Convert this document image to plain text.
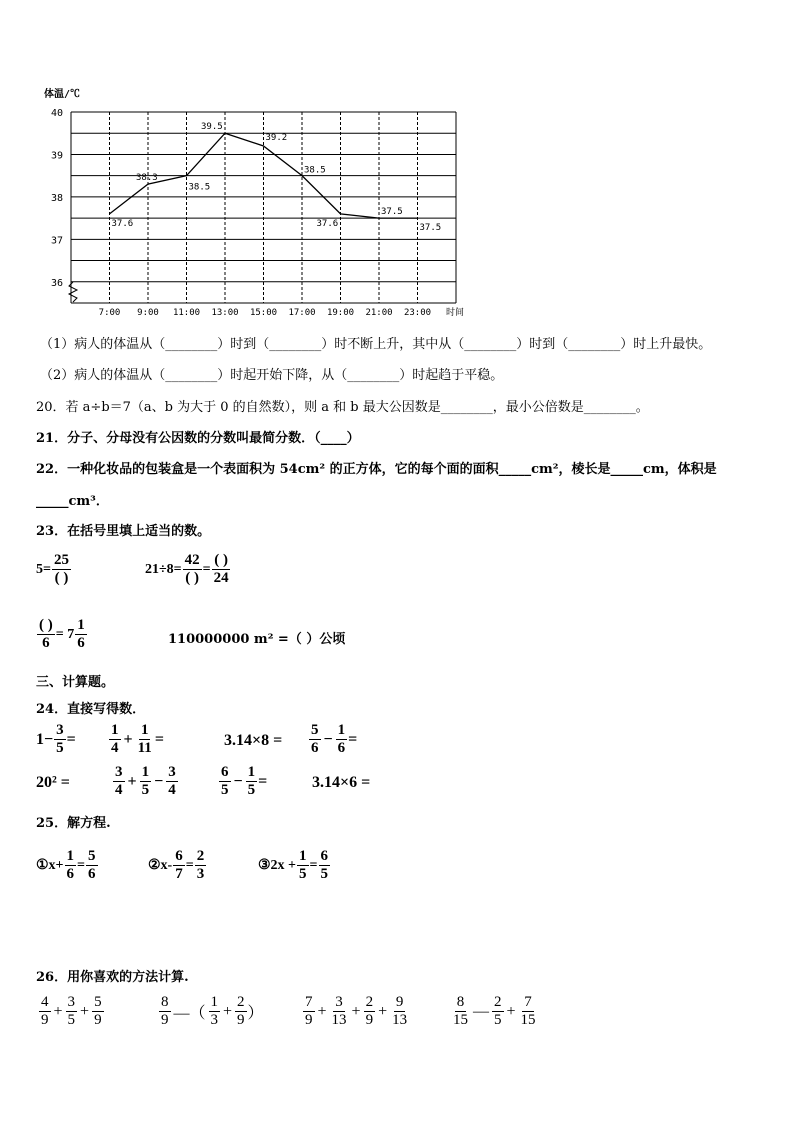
体温/℃
40
39
38
37
36
7:00 9:00 11:00 13:00 15:00 17:00 19:00 21:00 23:00
37.6
38.3
38.5
39.5
39.2
38.5
37.6
37.5
37.5
时间
（1）病人的体温从（________）时到（________）时不断上升，其中从（________）时到（________）时上升最快。
（2）病人的体温从（________）时起开始下降，从（________）时起趋于平稳。
20．若 a÷b＝7（a、b 为大于 0 的自然数），则 a 和 b 最大公因数是________，最小公倍数是________。
21．分子、分母没有公因数的分数叫最简分数．（____）
22．一种化妆品的包装盒是一个表面积为 54cm² 的正方体，它的每个面的面积_____cm²，棱长是_____cm，体积是
_____cm³．
23．在括号里填上适当的数。
$5= \frac{25}{( )}$	$21\div 8= \frac{42}{( )} = \frac{( )}{24}$
$\frac{( )}{6} = 7 \frac{1}{6}$	110000000 m² =（ ）公顷
三、计算题。
24．直接写得数．
$1- \frac{3}{5} = \frac{1}{4} + \frac{1}{11}$ =	$3.14\times 8 = \frac{5}{6} - \frac{1}{6}$ =
20² =	$\frac{3}{4} + \frac{1}{5} - \frac{3}{4}$	$\frac{6}{5} - \frac{1}{5}$ =	3.14×6 =
25．解方程.
①x+ $\frac{1}{6} = \frac{5}{6}$	②x- $\frac{6}{7} = \frac{2}{3}$	③2x + $\frac{1}{5} = \frac{6}{5}$
26．用你喜欢的方法计算.
$\frac{4}{9} + \frac{3}{5} + \frac{5}{9}$	$\frac{8}{9}$ —（ $\frac{1}{3} + \frac{2}{9}$ ）	$\frac{7}{9} + \frac{3}{13} + \frac{2}{9} + \frac{9}{13}$	$\frac{8}{15}$ — $\frac{2}{5} + \frac{7}{15}$
